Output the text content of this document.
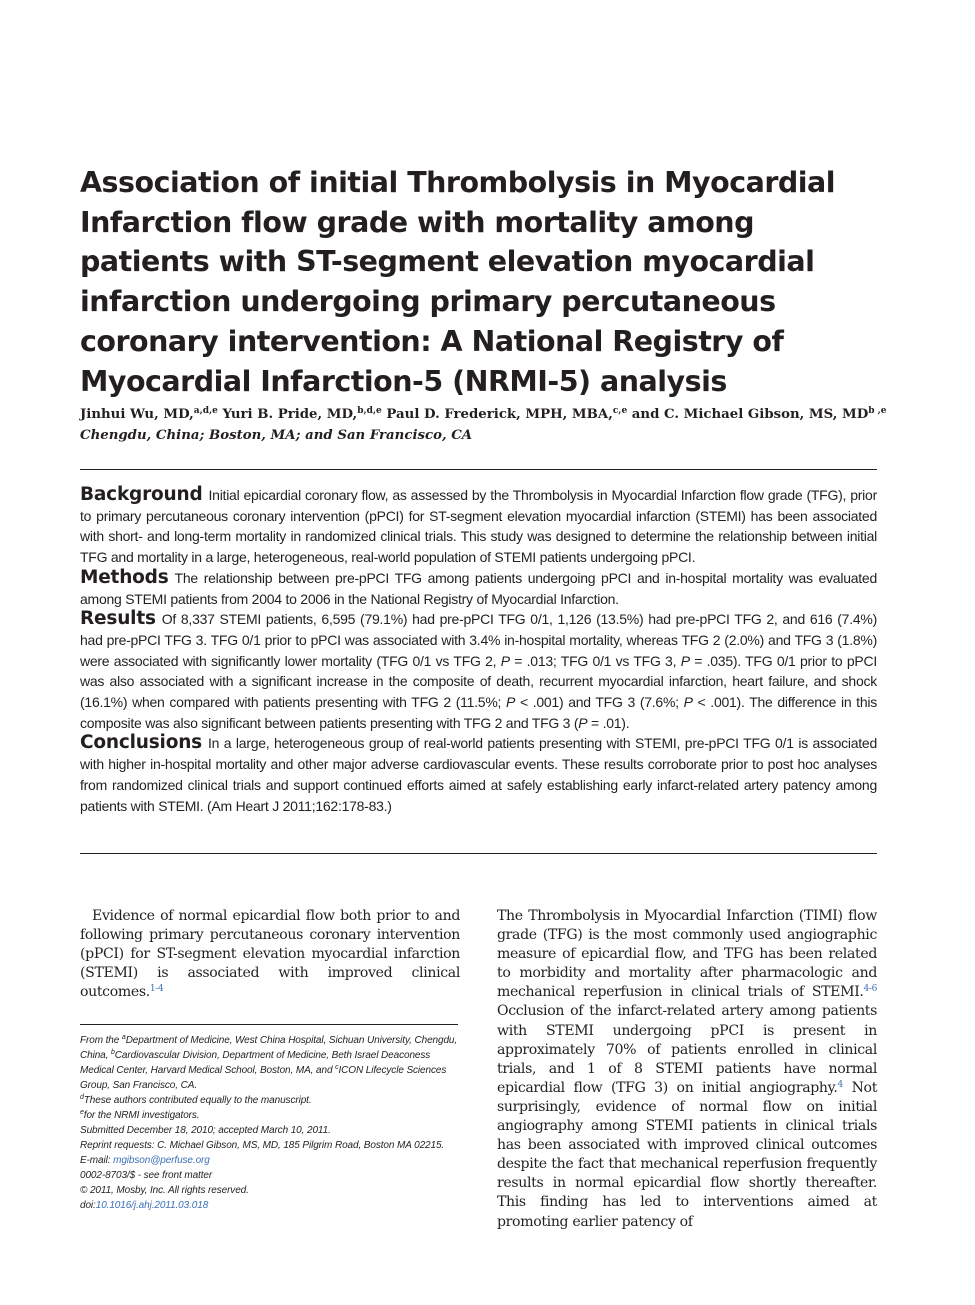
Association of initial Thrombolysis in Myocardial Infarction flow grade with mortality among patients with ST-segment elevation myocardial infarction undergoing primary percutaneous coronary intervention: A National Registry of Myocardial Infarction-5 (NRMI-5) analysis
Jinhui Wu, MD,$^{a,d,e}$ Yuri B. Pride, MD,$^{b,d,e}$ Paul D. Frederick, MPH, MBA,$^{c,e}$ and C. Michael Gibson, MS, MD$^{b ,e}$
Chengdu, China; Boston, MA; and San Francisco, CA

Background Initial epicardial coronary flow, as assessed by the Thrombolysis in Myocardial Infarction flow grade (TFG), prior to primary percutaneous coronary intervention (pPCI) for ST-segment elevation myocardial infarction (STEMI) has been associated with short- and long-term mortality in randomized clinical trials. This study was designed to determine the relationship between initial TFG and mortality in a large, heterogeneous, real-world population of STEMI patients undergoing pPCI.

Methods The relationship between pre-pPCI TFG among patients undergoing pPCI and in-hospital mortality was evaluated among STEMI patients from 2004 to 2006 in the National Registry of Myocardial Infarction.

Results Of 8,337 STEMI patients, 6,595 (79.1%) had pre-pPCI TFG 0/1, 1,126 (13.5%) had pre-pPCI TFG 2, and 616 (7.4%) had pre-pPCI TFG 3. TFG 0/1 prior to pPCI was associated with 3.4% in-hospital mortality, whereas TFG 2 (2.0%) and TFG 3 (1.8%) were associated with significantly lower mortality (TFG 0/1 vs TFG 2, P = .013; TFG 0/1 vs TFG 3, P = .035). TFG 0/1 prior to pPCI was also associated with a significant increase in the composite of death, recurrent myocardial infarction, heart failure, and shock (16.1%) when compared with patients presenting with TFG 2 (11.5%; P < .001) and TFG 3 (7.6%; P < .001). The difference in this composite was also significant between patients presenting with TFG 2 and TFG 3 (P = .01).

Conclusions In a large, heterogeneous group of real-world patients presenting with STEMI, pre-pPCI TFG 0/1 is associated with higher in-hospital mortality and other major adverse cardiovascular events. These results corroborate prior to post hoc analyses from randomized clinical trials and support continued efforts aimed at safely establishing early infarct-related artery patency among patients with STEMI. (Am Heart J 2011;162:178-83.)

Evidence of normal epicardial flow both prior to and following primary percutaneous coronary intervention (pPCI) for ST-segment elevation myocardial infarction (STEMI) is associated with improved clinical outcomes.$^{1-4}$

The Thrombolysis in Myocardial Infarction (TIMI) flow grade (TFG) is the most commonly used angiographic measure of epicardial flow, and TFG has been related to morbidity and mortality after pharmacologic and mechanical reperfusion in clinical trials of STEMI.$^{4-6}$ Occlusion of the infarct-related artery among patients with STEMI undergoing pPCI is present in approximately 70% of patients enrolled in clinical trials, and 1 of 8 STEMI patients have normal epicardial flow (TFG 3) on initial angiography.$^4$ Not surprisingly, evidence of normal flow on initial angiography among STEMI patients in clinical trials has been associated with improved clinical outcomes despite the fact that mechanical reperfusion frequently results in normal epicardial flow shortly thereafter. This finding has led to interventions aimed at promoting earlier patency of

From the $^a$Department of Medicine, West China Hospital, Sichuan University, Chengdu, China, $^b$Cardiovascular Division, Department of Medicine, Beth Israel Deaconess Medical Center, Harvard Medical School, Boston, MA, and $^c$ICON Lifecycle Sciences Group, San Francisco, CA.
$^d$These authors contributed equally to the manuscript.
$^e$for the NRMI investigators.
Submitted December 18, 2010; accepted March 10, 2011.
Reprint requests: C. Michael Gibson, MS, MD, 185 Pilgrim Road, Boston MA 02215.
E-mail: mgibson@perfuse.org
0002-8703/$ - see front matter
© 2011, Mosby, Inc. All rights reserved.
doi:10.1016/j.ahj.2011.03.018
